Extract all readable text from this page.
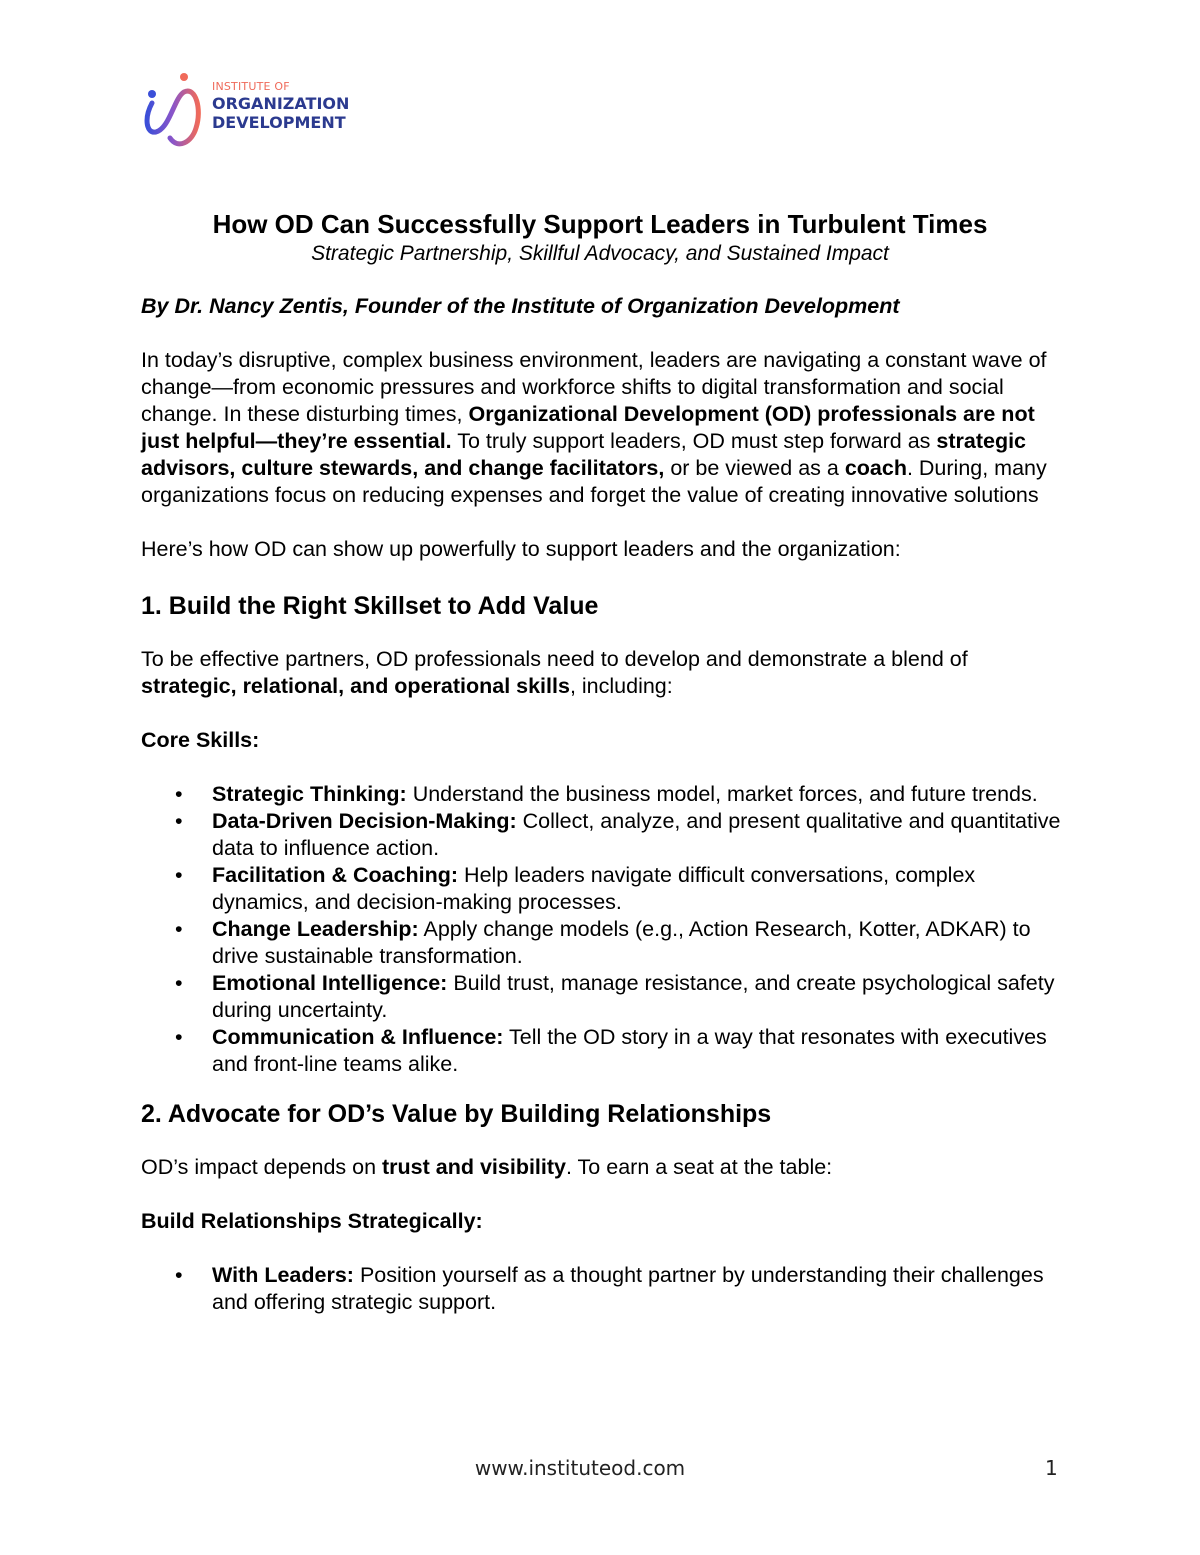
INSTITUTE OF
ORGANIZATION
DEVELOPMENT

How OD Can Successfully Support Leaders in Turbulent Times

Strategic Partnership, Skillful Advocacy, and Sustained Impact

By Dr. Nancy Zentis, Founder of the Institute of Organization Development

In today’s disruptive, complex business environment, leaders are navigating a constant wave of change—from economic pressures and workforce shifts to digital transformation and social change. In these disturbing times, Organizational Development (OD) professionals are not just helpful—they’re essential. To truly support leaders, OD must step forward as strategic advisors, culture stewards, and change facilitators, or be viewed as a coach. During, many organizations focus on reducing expenses and forget the value of creating innovative solutions

Here’s how OD can show up powerfully to support leaders and the organization:

1. Build the Right Skillset to Add Value

To be effective partners, OD professionals need to develop and demonstrate a blend of strategic, relational, and operational skills, including:

Core Skills:

• Strategic Thinking: Understand the business model, market forces, and future trends.
• Data-Driven Decision-Making: Collect, analyze, and present qualitative and quantitative data to influence action.
• Facilitation & Coaching: Help leaders navigate difficult conversations, complex dynamics, and decision-making processes.
• Change Leadership: Apply change models (e.g., Action Research, Kotter, ADKAR) to drive sustainable transformation.
• Emotional Intelligence: Build trust, manage resistance, and create psychological safety during uncertainty.
• Communication & Influence: Tell the OD story in a way that resonates with executives and front-line teams alike.
2. Advocate for OD’s Value by Building Relationships

OD’s impact depends on trust and visibility. To earn a seat at the table:

Build Relationships Strategically:

• With Leaders: Position yourself as a thought partner by understanding their challenges and offering strategic support.
www.instituteod.com	1
